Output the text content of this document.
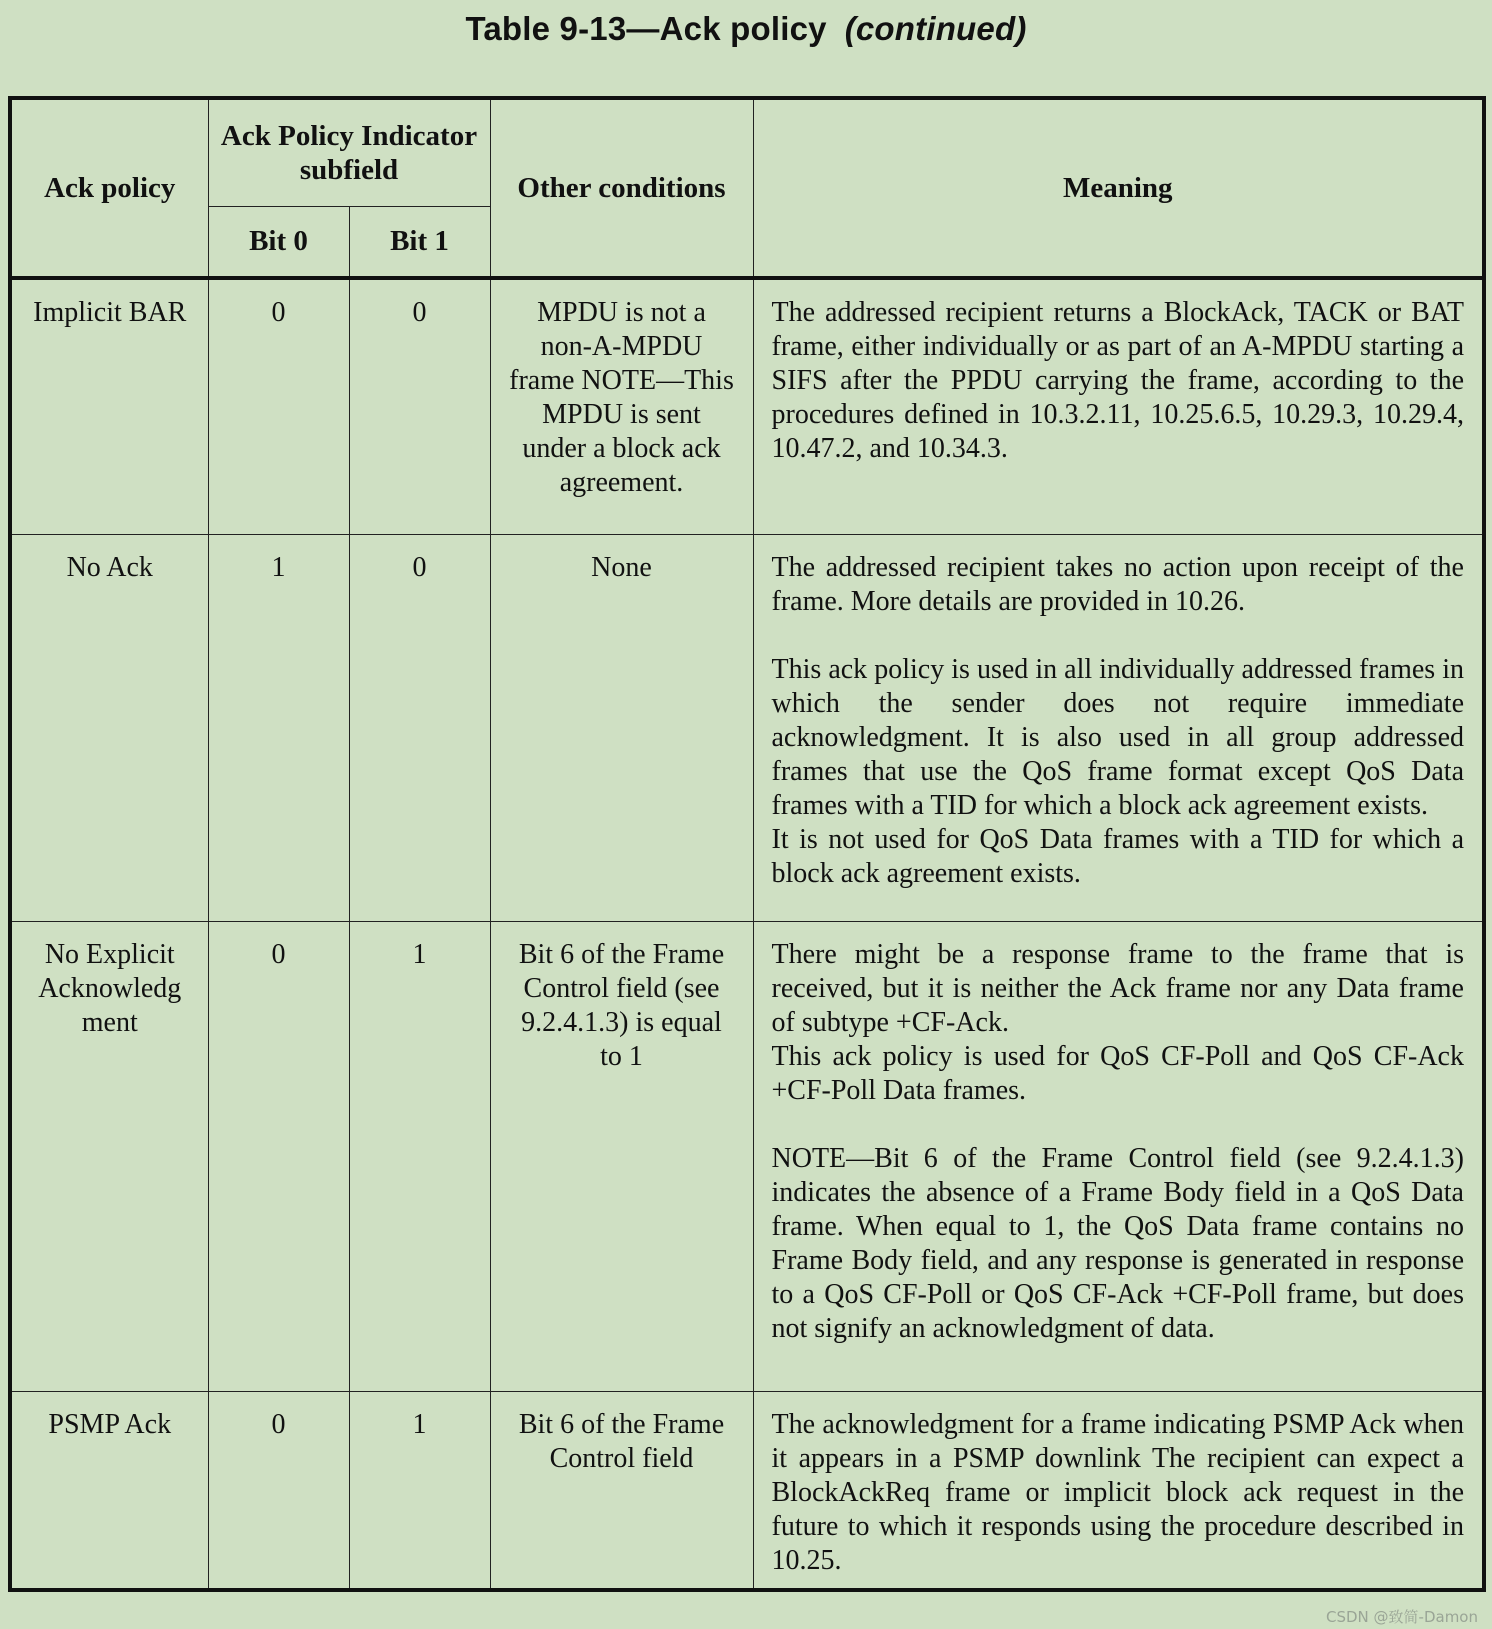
Table 9-13—Ack policy (continued)
Ack policy	Ack Policy Indicator subfield		Other conditions	Meaning
	Bit 0	Bit 1		
Implicit BAR	0	0	MPDU is not a non-A-MPDU frame NOTE—This MPDU is sent under a block ack agreement.	The addressed recipient returns a BlockAck, TACK or BAT frame, either individually or as part of an A-MPDU starting a SIFS after the PPDU carrying the frame, according to the procedures defined in 10.3.2.11, 10.25.6.5, 10.29.3, 10.29.4, 10.47.2, and 10.34.3.

No Ack	1	0	None	The addressed recipient takes no action upon receipt of the frame. More details are provided in 10.26.

This ack policy is used in all individually addressed frames in which the sender does not require immediate acknowledgment. It is also used in all group addressed frames that use the QoS frame format except QoS Data frames with a TID for which a block ack agreement exists.

It is not used for QoS Data frames with a TID for which a block ack agreement exists.

No Explicit Acknowledg ment	0	1	Bit 6 of the Frame Control field (see 9.2.4.1.3) is equal to 1	There might be a response frame to the frame that is received, but it is neither the Ack frame nor any Data frame of subtype +CF-Ack.

This ack policy is used for QoS CF-Poll and QoS CF-Ack +CF-Poll Data frames.

NOTE—Bit 6 of the Frame Control field (see 9.2.4.1.3) indicates the absence of a Frame Body field in a QoS Data frame. When equal to 1, the QoS Data frame contains no Frame Body field, and any response is generated in response to a QoS CF-Poll or QoS CF-Ack +CF-Poll frame, but does not signify an acknowledgment of data.

PSMP Ack	0	1	Bit 6 of the Frame Control field	The acknowledgment for a frame indicating PSMP Ack when it appears in a PSMP downlink The recipient can expect a BlockAckReq frame or implicit block ack request in the future to which it responds using the procedure described in 10.25.

CSDN @致简-Damon
